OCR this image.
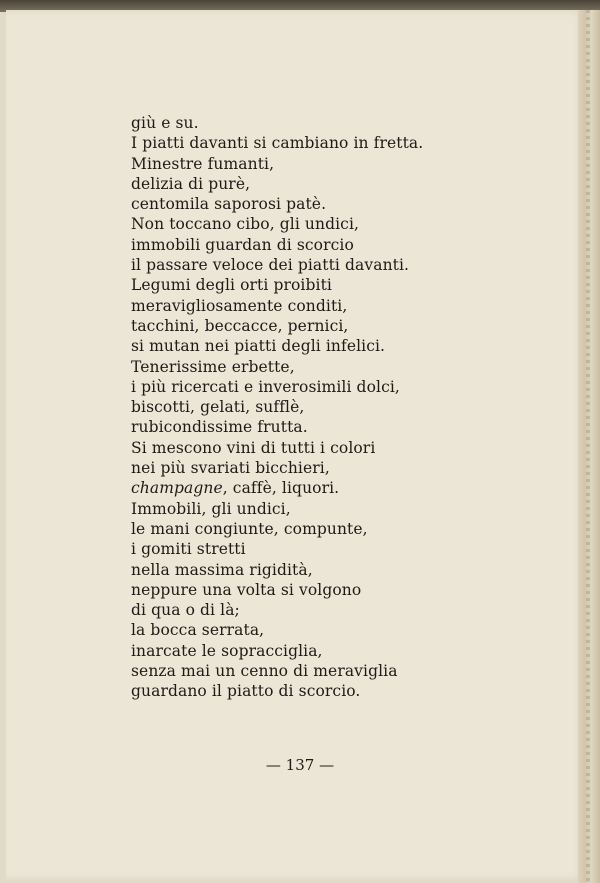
giù e su.
I piatti davanti si cambiano in fretta.
Minestre fumanti,
delizia di purè,
centomila saporosi patè.
Non toccano cibo, gli undici,
immobili guardan di scorcio
il passare veloce dei piatti davanti.
Legumi degli orti proibiti
meravigliosamente conditi,
tacchini, beccacce, pernici,
si mutan nei piatti degli infelici.
Tenerissime erbette,
i più ricercati e inverosimili dolci,
biscotti, gelati, sufflè,
rubicondissime frutta.
Si mescono vini di tutti i colori
nei più svariati bicchieri,
champagne, caffè, liquori.
Immobili, gli undici,
le mani congiunte, compunte,
i gomiti stretti
nella massima rigidità,
neppure una volta si volgono
di qua o di là;
la bocca serrata,
inarcate le sopracciglia,
senza mai un cenno di meraviglia
guardano il piatto di scorcio.
— 137 —
